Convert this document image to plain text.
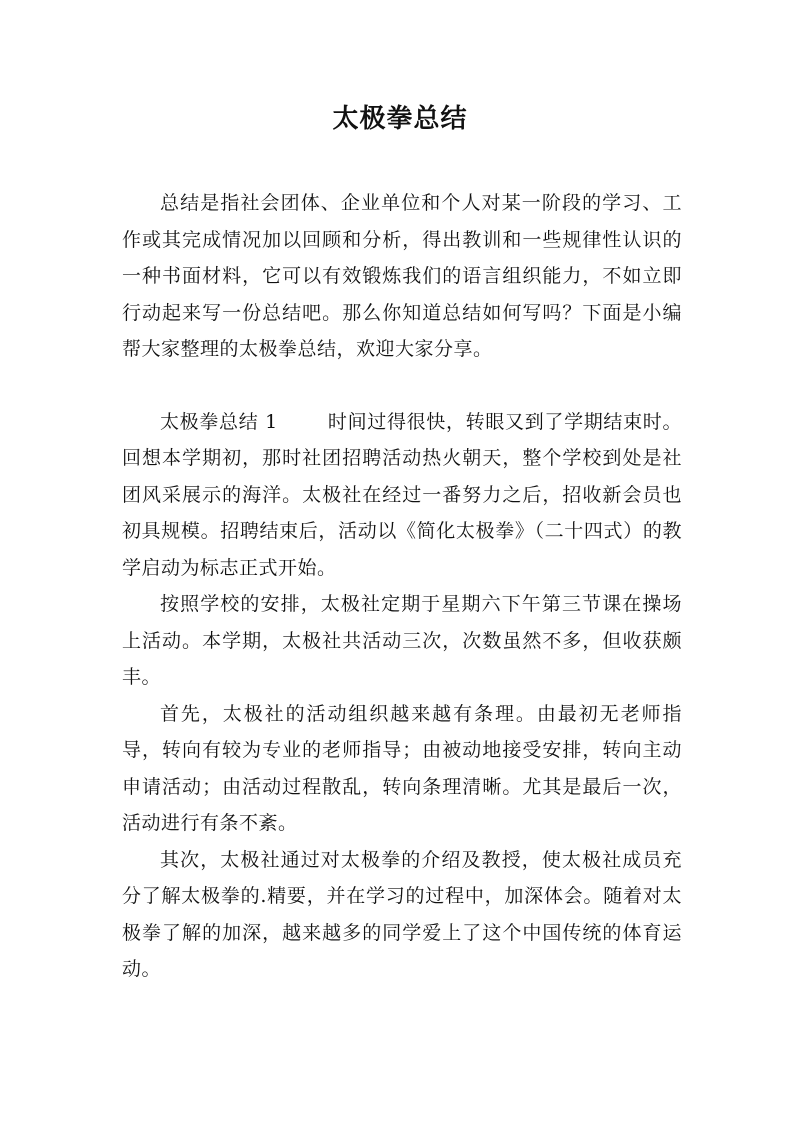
太极拳总结

总结是指社会团体、企业单位和个人对某一阶段的学习、工作或其完成情况加以回顾和分析，得出教训和一些规律性认识的一种书面材料，它可以有效锻炼我们的语言组织能力，不如立即行动起来写一份总结吧。那么你知道总结如何写吗？下面是小编帮大家整理的太极拳总结，欢迎大家分享。

太极拳总结 1	时间过得很快，转眼又到了学期结束时。回想本学期初，那时社团招聘活动热火朝天，整个学校到处是社团风采展示的海洋。太极社在经过一番努力之后，招收新会员也初具规模。招聘结束后，活动以《简化太极拳》（二十四式）的教学启动为标志正式开始。

按照学校的安排，太极社定期于星期六下午第三节课在操场上活动。本学期，太极社共活动三次，次数虽然不多，但收获颇丰。

首先，太极社的活动组织越来越有条理。由最初无老师指导，转向有较为专业的老师指导；由被动地接受安排，转向主动申请活动；由活动过程散乱，转向条理清晰。尤其是最后一次，活动进行有条不紊。

其次，太极社通过对太极拳的介绍及教授，使太极社成员充分了解太极拳的.精要，并在学习的过程中，加深体会。随着对太极拳了解的加深，越来越多的同学爱上了这个中国传统的体育运动。
